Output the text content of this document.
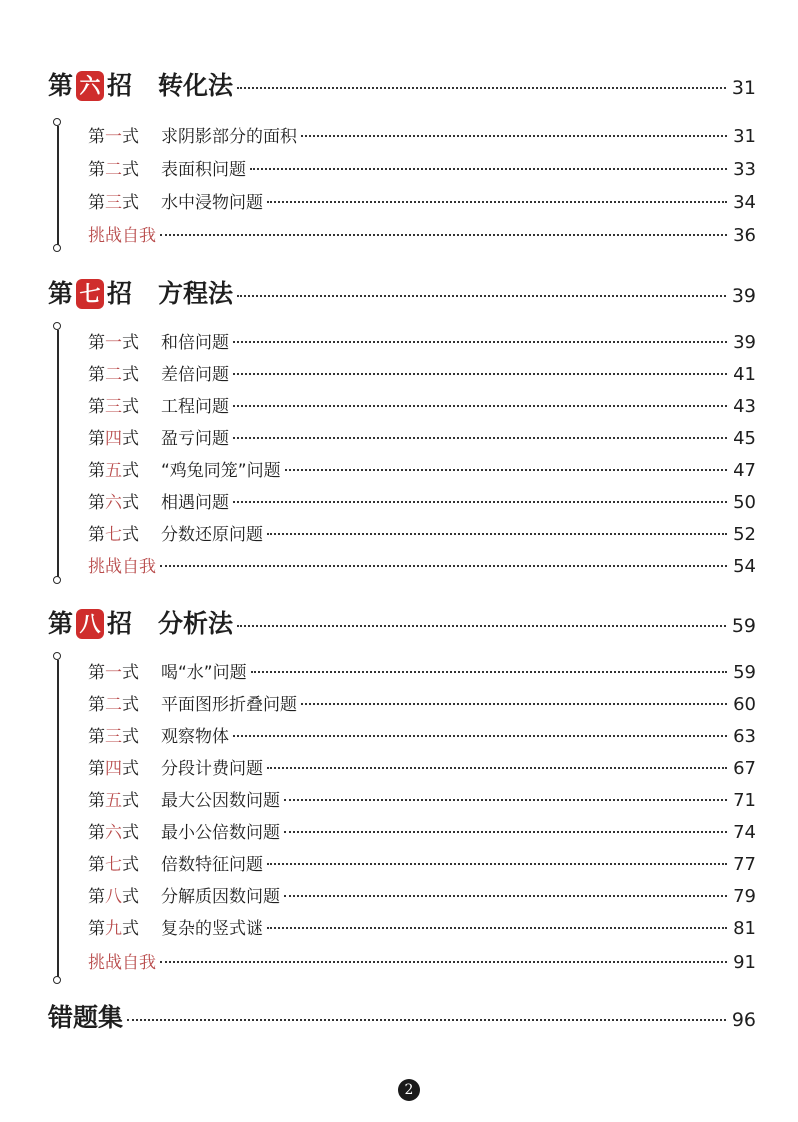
第 六 招 转化法	31
第 一 式 求阴影部分的面积	31
第 二 式 表面积问题	33
第 三 式 水中浸物问题	34
挑战自我	36
第 七 招 方程法	39
第 一 式 和倍问题	39
第 二 式 差倍问题	41
第 三 式 工程问题	43
第 四 式 盈亏问题	45
第 五 式 “鸡兔同笼”问题	47
第 六 式 相遇问题	50
第 七 式 分数还原问题	52
挑战自我	54
第 八 招 分析法	59
第 一 式 喝“水”问题	59
第 二 式 平面图形折叠问题	60
第 三 式 观察物体	63
第 四 式 分段计费问题	67
第 五 式 最大公因数问题	71
第 六 式 最小公倍数问题	74
第 七 式 倍数特征问题	77
第 八 式 分解质因数问题	79
第 九 式 复杂的竖式谜	81
挑战自我	91
错题集	96
2
